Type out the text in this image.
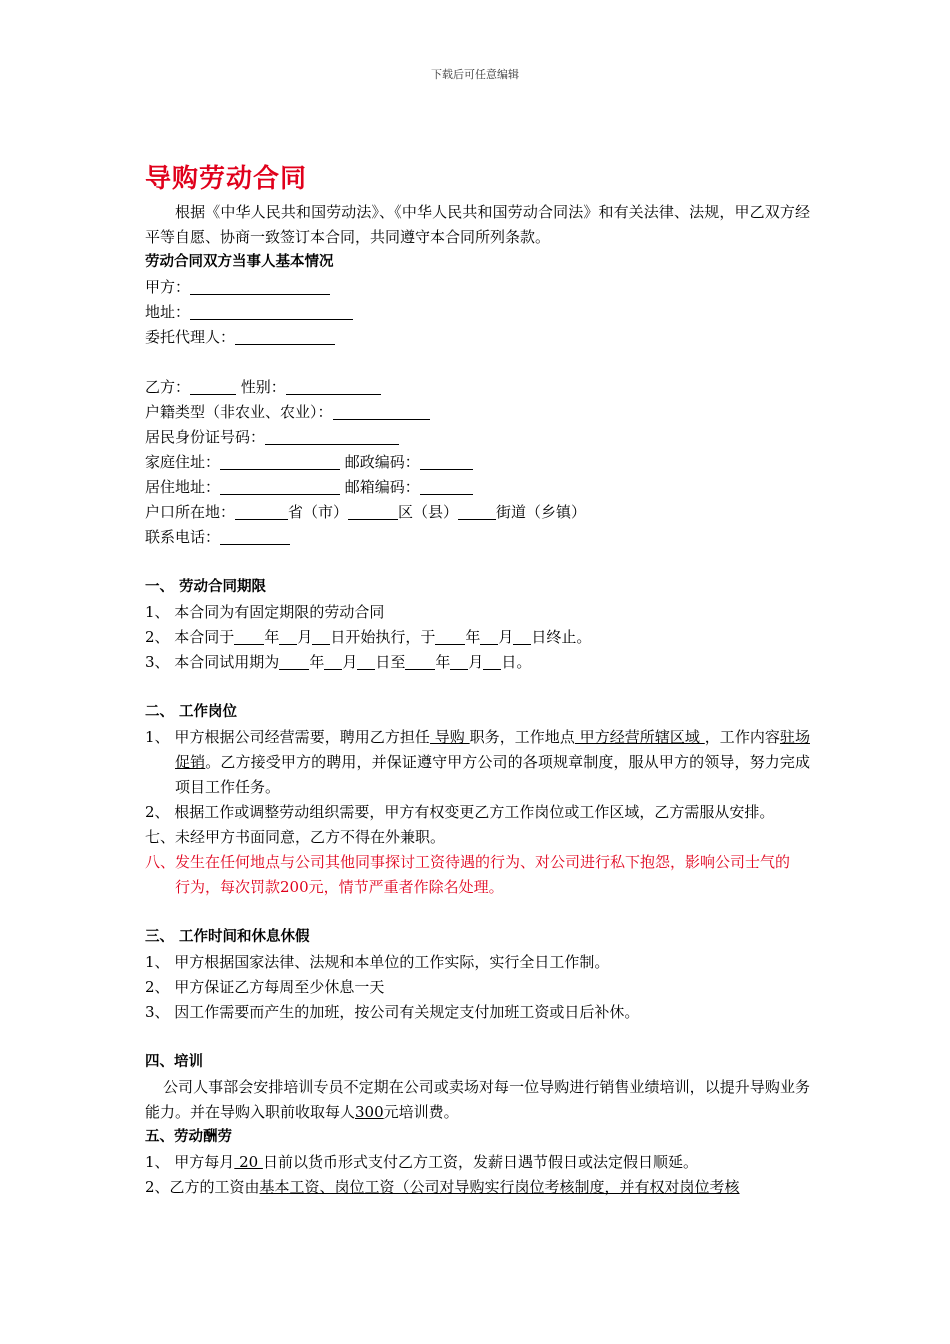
下载后可任意编辑
导购劳动合同

根据《中华人民共和国劳动法》、《中华人民共和国劳动合同法》和有关法律、法规，甲乙双方经平等自愿、协商一致签订本合同，共同遵守本合同所列条款。

劳动合同双方当事人基本情况

甲方：

地址：

委托代理人：

乙方：	性别：

户籍类型（非农业、农业）：

居民身份证号码：

家庭住址：	邮政编码：

居住地址：	邮箱编码：

户口所在地：	省（市）	区（县）	街道（乡镇）

联系电话：

一、 劳动合同期限

1、 本合同为有固定期限的劳动合同

2、 本合同于 年 月 日开始执行，于 年 月 日终止。

3、 本合同试用期为 年 月 日至 年 月 日。

二、 工作岗位

1、 甲方根据公司经营需要，聘用乙方担任 导购 职务，工作地点 甲方经营所辖区域 ，工作内容驻场促销。乙方接受甲方的聘用，并保证遵守甲方公司的各项规章制度，服从甲方的领导，努力完成项目工作任务。

2、 根据工作或调整劳动组织需要，甲方有权变更乙方工作岗位或工作区域，乙方需服从安排。

七、未经甲方书面同意，乙方不得在外兼职。

八、发生在任何地点与公司其他同事探讨工资待遇的行为、对公司进行私下抱怨，影响公司士气的行为，每次罚款200元，情节严重者作除名处理。

三、 工作时间和休息休假

1、 甲方根据国家法律、法规和本单位的工作实际，实行全日工作制。

2、 甲方保证乙方每周至少休息一天

3、 因工作需要而产生的加班，按公司有关规定支付加班工资或日后补休。

四、培训

公司人事部会安排培训专员不定期在公司或卖场对每一位导购进行销售业绩培训，以提升导购业务能力。并在导购入职前收取每人300元培训费。

五、劳动酬劳

1、 甲方每月 20 日前以货币形式支付乙方工资，发薪日遇节假日或法定假日顺延。

2、乙方的工资由基本工资、岗位工资（公司对导购实行岗位考核制度，并有权对岗位考核
